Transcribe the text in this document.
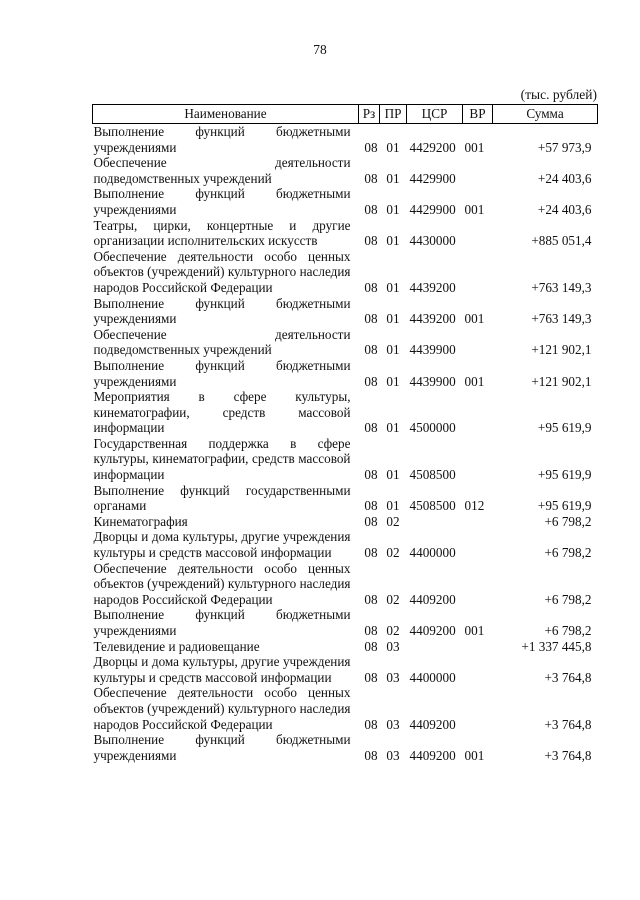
78
(тыс. рублей)
Наименование	Рз	ПР	ЦСР	ВР	Сумма
Выполнение функций бюджетными учреждениями	08	01	4429200	001	+57 973,9
Обеспечение деятельности подведомственных учреждений	08	01	4429900		+24 403,6
Выполнение функций бюджетными учреждениями	08	01	4429900	001	+24 403,6
Театры, цирки, концертные и другие организации исполнительских искусств	08	01	4430000		+885 051,4
Обеспечение деятельности особо ценных объектов (учреждений) культурного наследия народов Российской Федерации	08	01	4439200		+763 149,3
Выполнение функций бюджетными учреждениями	08	01	4439200	001	+763 149,3
Обеспечение деятельности подведомственных учреждений	08	01	4439900		+121 902,1
Выполнение функций бюджетными учреждениями	08	01	4439900	001	+121 902,1
Мероприятия в сфере культуры, кинематографии, средств массовой информации	08	01	4500000		+95 619,9
Государственная поддержка в сфере культуры, кинематографии, средств массовой информации	08	01	4508500		+95 619,9
Выполнение функций государственными органами	08	01	4508500	012	+95 619,9
Кинематография	08	02			+6 798,2
Дворцы и дома культуры, другие учреждения культуры и средств массовой информации	08	02	4400000		+6 798,2
Обеспечение деятельности особо ценных объектов (учреждений) культурного наследия народов Российской Федерации	08	02	4409200		+6 798,2
Выполнение функций бюджетными учреждениями	08	02	4409200	001	+6 798,2
Телевидение и радиовещание	08	03			+1 337 445,8
Дворцы и дома культуры, другие учреждения культуры и средств массовой информации	08	03	4400000		+3 764,8
Обеспечение деятельности особо ценных объектов (учреждений) культурного наследия народов Российской Федерации	08	03	4409200		+3 764,8
Выполнение функций бюджетными учреждениями	08	03	4409200	001	+3 764,8
